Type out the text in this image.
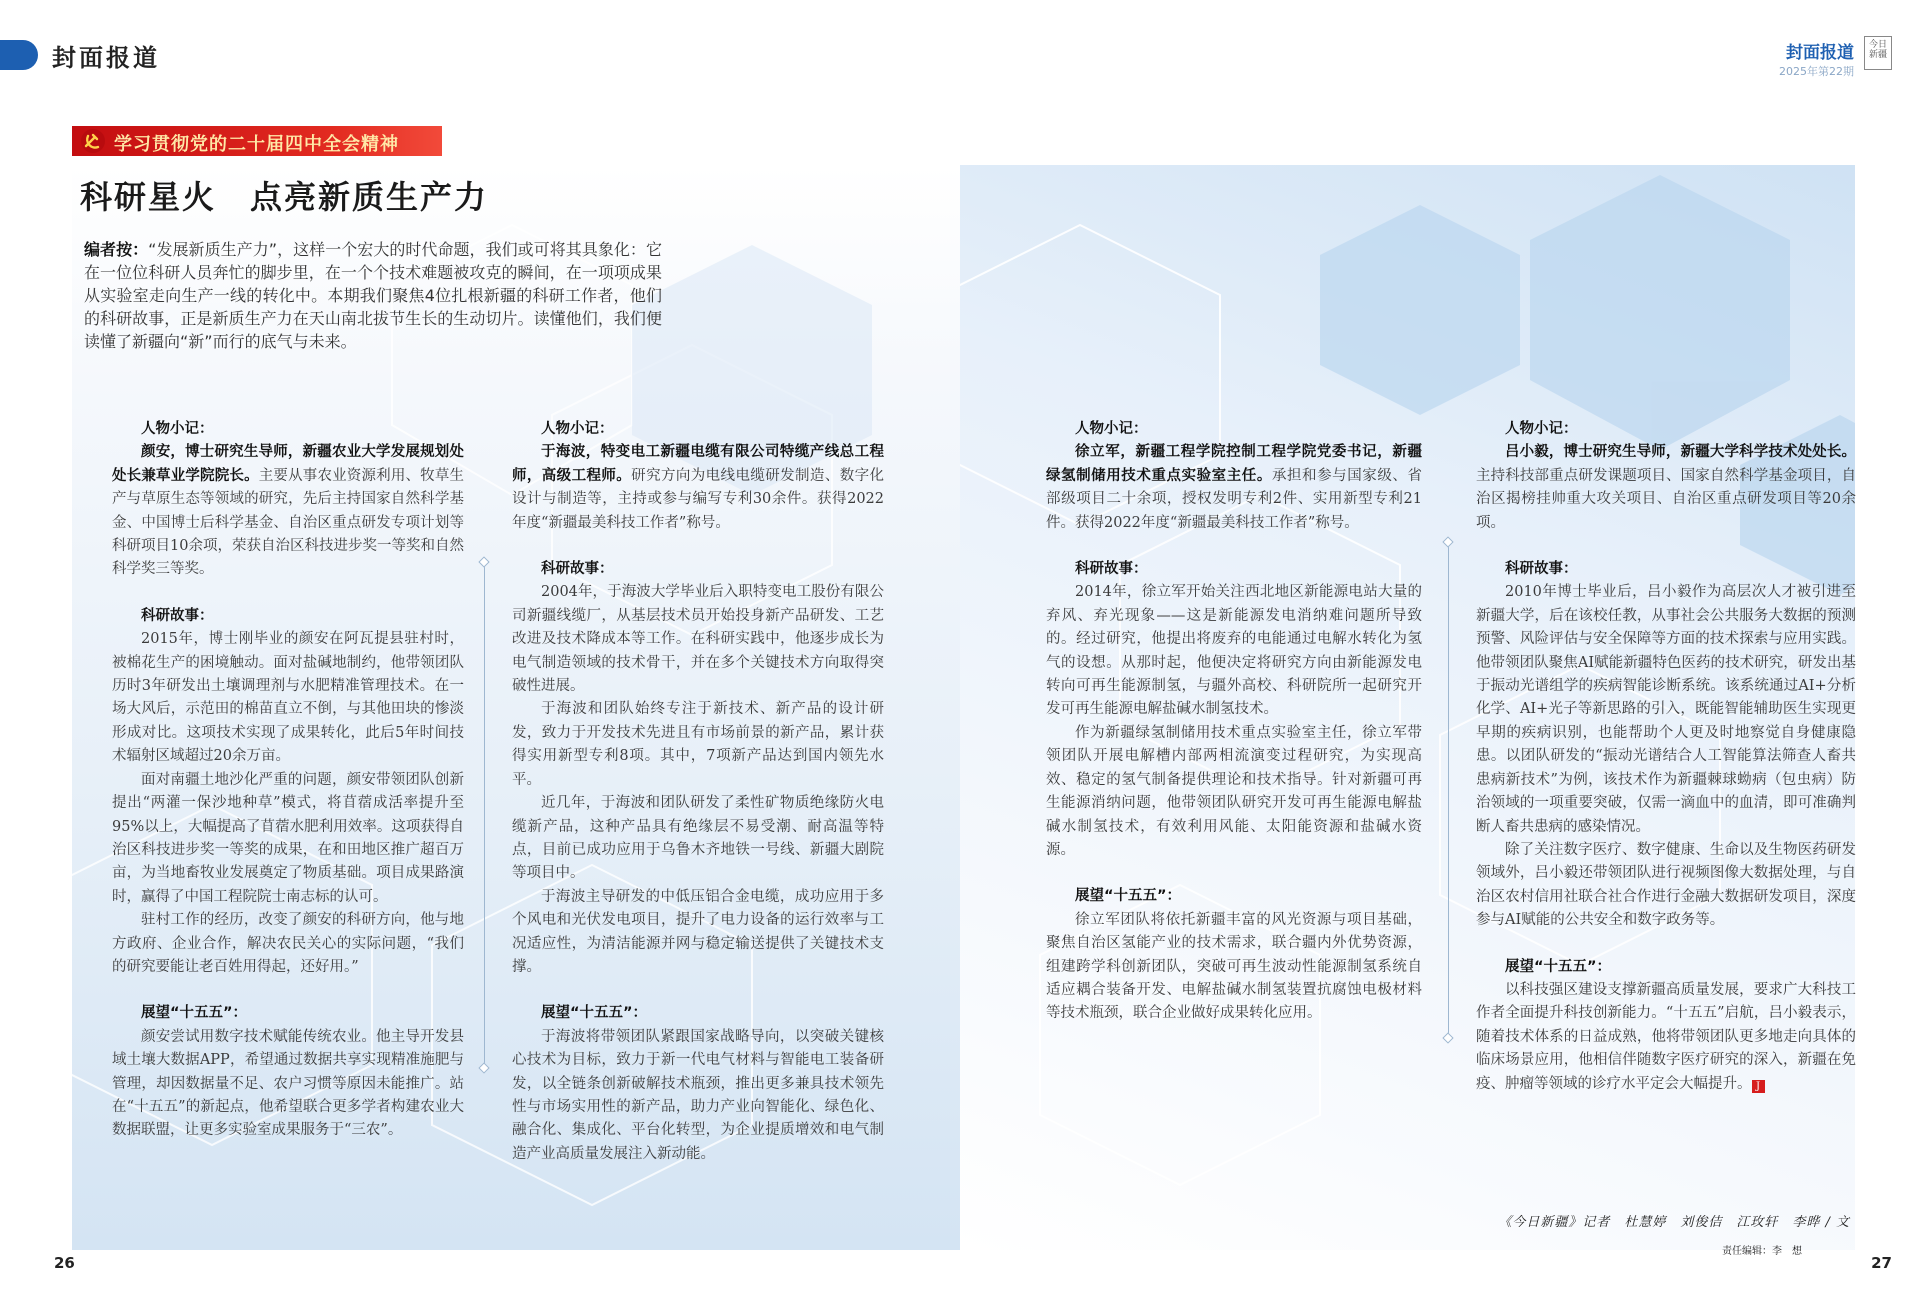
封面报道	封面报道
2025年第22期
今日新疆
学习贯彻党的二十届四中全会精神
科研星火　点亮新质生产力
编者按：“发展新质生产力”，这样一个宏大的时代命题，我们或可将其具象化：它在一位位科研人员奔忙的脚步里，在一个个技术难题被攻克的瞬间，在一项项成果从实验室走向生产一线的转化中。本期我们聚焦4位扎根新疆的科研工作者，他们的科研故事，正是新质生产力在天山南北拔节生长的生动切片。读懂他们，我们便读懂了新疆向“新”而行的底气与未来。

人物小记：

颜安，博士研究生导师，新疆农业大学发展规划处处长兼草业学院院长。主要从事农业资源利用、牧草生产与草原生态等领域的研究，先后主持国家自然科学基金、中国博士后科学基金、自治区重点研发专项计划等科研项目10余项，荣获自治区科技进步奖一等奖和自然科学奖三等奖。

科研故事：

2015年，博士刚毕业的颜安在阿瓦提县驻村时，被棉花生产的困境触动。面对盐碱地制约，他带领团队历时3年研发出土壤调理剂与水肥精准管理技术。在一场大风后，示范田的棉苗直立不倒，与其他田块的惨淡形成对比。这项技术实现了成果转化，此后5年时间技术辐射区域超过20余万亩。

面对南疆土地沙化严重的问题，颜安带领团队创新提出“两灌一保沙地种草”模式，将苜蓿成活率提升至95%以上，大幅提高了苜蓿水肥利用效率。这项获得自治区科技进步奖一等奖的成果，在和田地区推广超百万亩，为当地畜牧业发展奠定了物质基础。项目成果路演时，赢得了中国工程院院士南志标的认可。

驻村工作的经历，改变了颜安的科研方向，他与地方政府、企业合作，解决农民关心的实际问题，“我们的研究要能让老百姓用得起，还好用。”

展望“十五五”：

颜安尝试用数字技术赋能传统农业。他主导开发县域土壤大数据APP，希望通过数据共享实现精准施肥与管理，却因数据量不足、农户习惯等原因未能推广。站在“十五五”的新起点，他希望联合更多学者构建农业大数据联盟，让更多实验室成果服务于“三农”。

人物小记：

于海波，特变电工新疆电缆有限公司特缆产线总工程师，高级工程师。研究方向为电线电缆研发制造、数字化设计与制造等，主持或参与编写专利30余件。获得2022年度“新疆最美科技工作者”称号。

科研故事：

2004年，于海波大学毕业后入职特变电工股份有限公司新疆线缆厂，从基层技术员开始投身新产品研发、工艺改进及技术降成本等工作。在科研实践中，他逐步成长为电气制造领域的技术骨干，并在多个关键技术方向取得突破性进展。

于海波和团队始终专注于新技术、新产品的设计研发，致力于开发技术先进且有市场前景的新产品，累计获得实用新型专利8项。其中，7项新产品达到国内领先水平。

近几年，于海波和团队研发了柔性矿物质绝缘防火电缆新产品，这种产品具有绝缘层不易受潮、耐高温等特点，目前已成功应用于乌鲁木齐地铁一号线、新疆大剧院等项目中。

于海波主导研发的中低压铝合金电缆，成功应用于多个风电和光伏发电项目，提升了电力设备的运行效率与工况适应性，为清洁能源并网与稳定输送提供了关键技术支撑。

展望“十五五”：

于海波将带领团队紧跟国家战略导向，以突破关键核心技术为目标，致力于新一代电气材料与智能电工装备研发，以全链条创新破解技术瓶颈，推出更多兼具技术领先性与市场实用性的新产品，助力产业向智能化、绿色化、融合化、集成化、平台化转型，为企业提质增效和电气制造产业高质量发展注入新动能。

人物小记：

徐立军，新疆工程学院控制工程学院党委书记，新疆绿氢制储用技术重点实验室主任。承担和参与国家级、省部级项目二十余项，授权发明专利2件、实用新型专利21件。获得2022年度“新疆最美科技工作者”称号。

科研故事：

2014年，徐立军开始关注西北地区新能源电站大量的弃风、弃光现象——这是新能源发电消纳难问题所导致的。经过研究，他提出将废弃的电能通过电解水转化为氢气的设想。从那时起，他便决定将研究方向由新能源发电转向可再生能源制氢，与疆外高校、科研院所一起研究开发可再生能源电解盐碱水制氢技术。

作为新疆绿氢制储用技术重点实验室主任，徐立军带领团队开展电解槽内部两相流演变过程研究，为实现高效、稳定的氢气制备提供理论和技术指导。针对新疆可再生能源消纳问题，他带领团队研究开发可再生能源电解盐碱水制氢技术，有效利用风能、太阳能资源和盐碱水资源。

展望“十五五”：

徐立军团队将依托新疆丰富的风光资源与项目基础，聚焦自治区氢能产业的技术需求，联合疆内外优势资源，组建跨学科创新团队，突破可再生波动性能源制氢系统自适应耦合装备开发、电解盐碱水制氢装置抗腐蚀电极材料等技术瓶颈，联合企业做好成果转化应用。

人物小记：

吕小毅，博士研究生导师，新疆大学科学技术处处长。主持科技部重点研发课题项目、国家自然科学基金项目，自治区揭榜挂帅重大攻关项目、自治区重点研发项目等20余项。

科研故事：

2010年博士毕业后，吕小毅作为高层次人才被引进至新疆大学，后在该校任教，从事社会公共服务大数据的预测预警、风险评估与安全保障等方面的技术探索与应用实践。他带领团队聚焦AI赋能新疆特色医药的技术研究，研发出基于振动光谱组学的疾病智能诊断系统。该系统通过AI+分析化学、AI+光子等新思路的引入，既能智能辅助医生实现更早期的疾病识别，也能帮助个人更及时地察觉自身健康隐患。以团队研发的“振动光谱结合人工智能算法筛查人畜共患病新技术”为例，该技术作为新疆棘球蚴病（包虫病）防治领域的一项重要突破，仅需一滴血中的血清，即可准确判断人畜共患病的感染情况。

除了关注数字医疗、数字健康、生命以及生物医药研发领域外，吕小毅还带领团队进行视频图像大数据处理，与自治区农村信用社联合社合作进行金融大数据研发项目，深度参与AI赋能的公共安全和数字政务等。

展望“十五五”：

以科技强区建设支撑新疆高质量发展，要求广大科技工作者全面提升科技创新能力。“十五五”启航，吕小毅表示，随着技术体系的日益成熟，他将带领团队更多地走向具体的临床场景应用，他相信伴随数字医疗研究的深入，新疆在免疫、肿瘤等领域的诊疗水平定会大幅提升。 J

《今日新疆》记者　杜慧婷　刘俊佶　江玫轩　李晔 / 文
责任编辑：李　想
26	27
